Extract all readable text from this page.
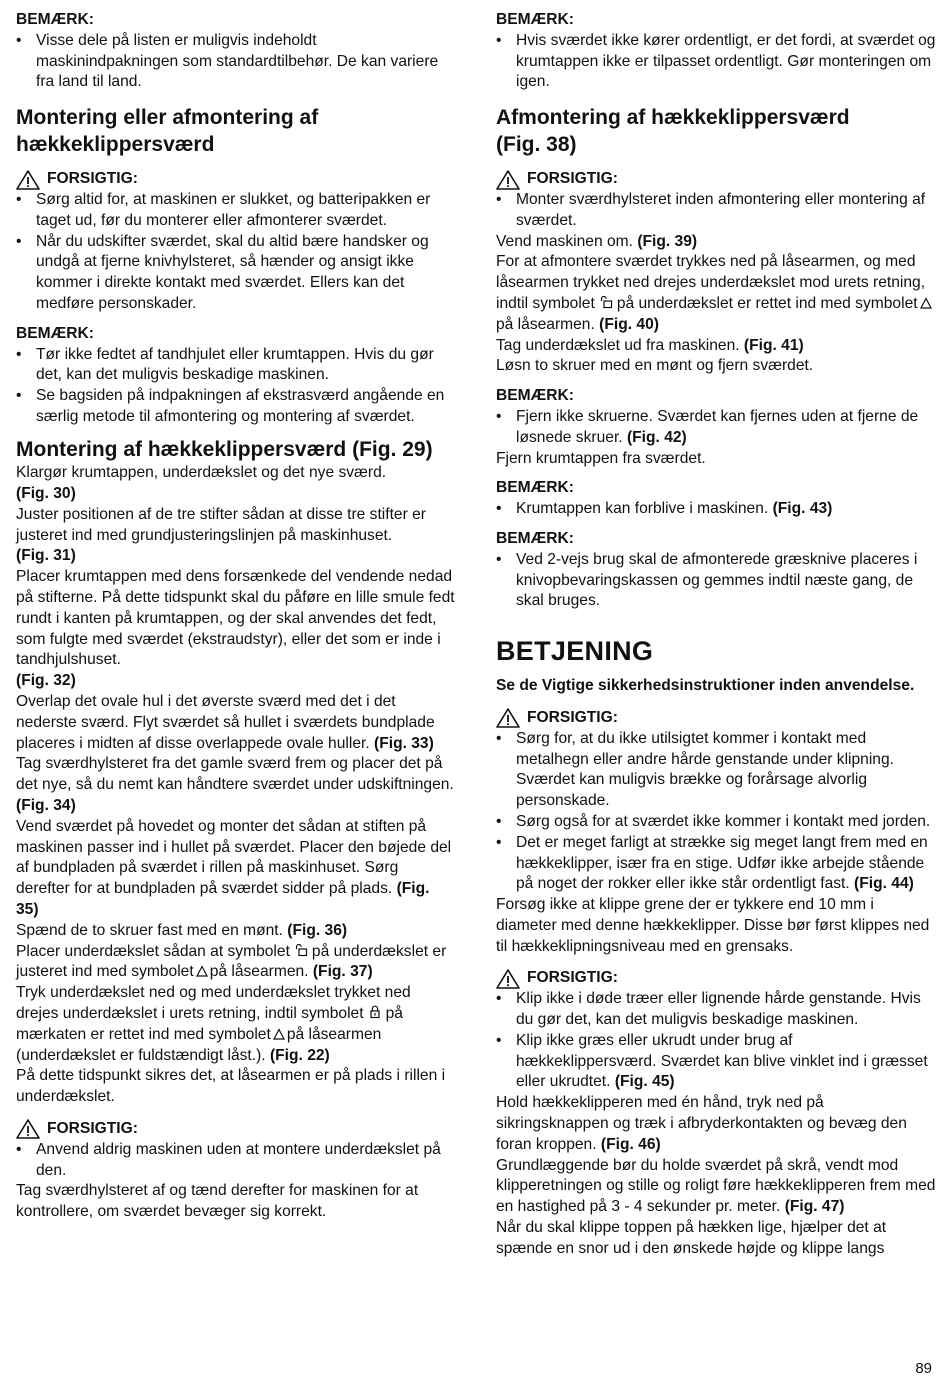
BEMÆRK:

• Visse dele på listen er muligvis indeholdt maskinindpakningen som standardtilbehør. De kan variere fra land til land.
Montering eller afmontering af hækkeklippersværd
FORSIGTIG:
• Sørg altid for, at maskinen er slukket, og batteripakken er taget ud, før du monterer eller afmonterer sværdet.
• Når du udskifter sværdet, skal du altid bære handsker og undgå at fjerne knivhylsteret, så hænder og ansigt ikke kommer i direkte kontakt med sværdet. Ellers kan det medføre personskader.

BEMÆRK:

• Tør ikke fedtet af tandhjulet eller krumtappen. Hvis du gør det, kan det muligvis beskadige maskinen.
• Se bagsiden på indpakningen af ekstrasværd angående en særlig metode til afmontering og montering af sværdet.
Montering af hækkeklippersværd (Fig. 29)

Klargør krumtappen, underdækslet og det nye sværd.
(Fig. 30)

Juster positionen af de tre stifter sådan at disse tre stifter er justeret ind med grundjusteringslinjen på maskinhuset.
(Fig. 31)

Placer krumtappen med dens forsænkede del vendende nedad på stifterne. På dette tidspunkt skal du påføre en lille smule fedt rundt i kanten på krumtappen, og der skal anvendes det fedt, som fulgte med sværdet (ekstraudstyr), eller det som er inde i tandhjulshuset.
(Fig. 32)

Overlap det ovale hul i det øverste sværd med det i det nederste sværd. Flyt sværdet så hullet i sværdets bundplade placeres i midten af disse overlappede ovale huller. (Fig. 33)

Tag sværdhylsteret fra det gamle sværd frem og placer det på det nye, så du nemt kan håndtere sværdet under udskiftningen. (Fig. 34)

Vend sværdet på hovedet og monter det sådan at stiften på maskinen passer ind i hullet på sværdet. Placer den bøjede del af bundpladen på sværdet i rillen på maskinhuset. Sørg derefter for at bundpladen på sværdet sidder på plads. (Fig. 35)

Spænd de to skruer fast med en mønt. (Fig. 36)

Placer underdækslet sådan at symbolet på underdækslet er justeret ind med symbolet på låsearmen. (Fig. 37)

Tryk underdækslet ned og med underdækslet trykket ned drejes underdækslet i urets retning, indtil symbolet på mærkaten er rettet ind med symbolet på låsearmen (underdækslet er fuldstændigt låst.). (Fig. 22)

På dette tidspunkt sikres det, at låsearmen er på plads i rillen i underdækslet.

FORSIGTIG:
• Anvend aldrig maskinen uden at montere underdækslet på den.

Tag sværdhylsteret af og tænd derefter for maskinen for at kontrollere, om sværdet bevæger sig korrekt.

BEMÆRK:

• Hvis sværdet ikke kører ordentligt, er det fordi, at sværdet og krumtappen ikke er tilpasset ordentligt. Gør monteringen om igen.
Afmontering af hækkeklippersværd
(Fig. 38)
FORSIGTIG:
• Monter sværdhylsteret inden afmontering eller montering af sværdet.

Vend maskinen om. (Fig. 39)

For at afmontere sværdet trykkes ned på låsearmen, og med låsearmen trykket ned drejes underdækslet mod urets retning, indtil symbolet på underdækslet er rettet ind med symboletpå låsearmen. (Fig. 40)

Tag underdækslet ud fra maskinen. (Fig. 41)

Løsn to skruer med en mønt og fjern sværdet.

BEMÆRK:

• Fjern ikke skruerne. Sværdet kan fjernes uden at fjerne de løsnede skruer. (Fig. 42)

Fjern krumtappen fra sværdet.

BEMÆRK:

• Krumtappen kan forblive i maskinen. (Fig. 43)

BEMÆRK:

• Ved 2-vejs brug skal de afmonterede græsknive placeres i knivopbevaringskassen og gemmes indtil næste gang, de skal bruges.
BETJENING

Se de Vigtige sikkerhedsinstruktioner inden anvendelse.

FORSIGTIG:
• Sørg for, at du ikke utilsigtet kommer i kontakt med metalhegn eller andre hårde genstande under klipning. Sværdet kan muligvis brække og forårsage alvorlig personskade.
• Sørg også for at sværdet ikke kommer i kontakt med jorden.
• Det er meget farligt at strække sig meget langt frem med en hækkeklipper, især fra en stige. Udfør ikke arbejde stående på noget der rokker eller ikke står ordentligt fast. (Fig. 44)

Forsøg ikke at klippe grene der er tykkere end 10 mm i diameter med denne hækkeklipper. Disse bør først klippes ned til hækkeklipningsniveau med en grensaks.

FORSIGTIG:
• Klip ikke i døde træer eller lignende hårde genstande. Hvis du gør det, kan det muligvis beskadige maskinen.
• Klip ikke græs eller ukrudt under brug af hækkeklippersværd. Sværdet kan blive vinklet ind i græsset eller ukrudtet. (Fig. 45)

Hold hækkeklipperen med én hånd, tryk ned på sikringsknappen og træk i afbryderkontakten og bevæg den foran kroppen. (Fig. 46)

Grundlæggende bør du holde sværdet på skrå, vendt mod klipperetningen og stille og roligt føre hækkeklipperen frem med en hastighed på 3 - 4 sekunder pr. meter. (Fig. 47)

Når du skal klippe toppen på hækken lige, hjælper det at spænde en snor ud i den ønskede højde og klippe langs

89
